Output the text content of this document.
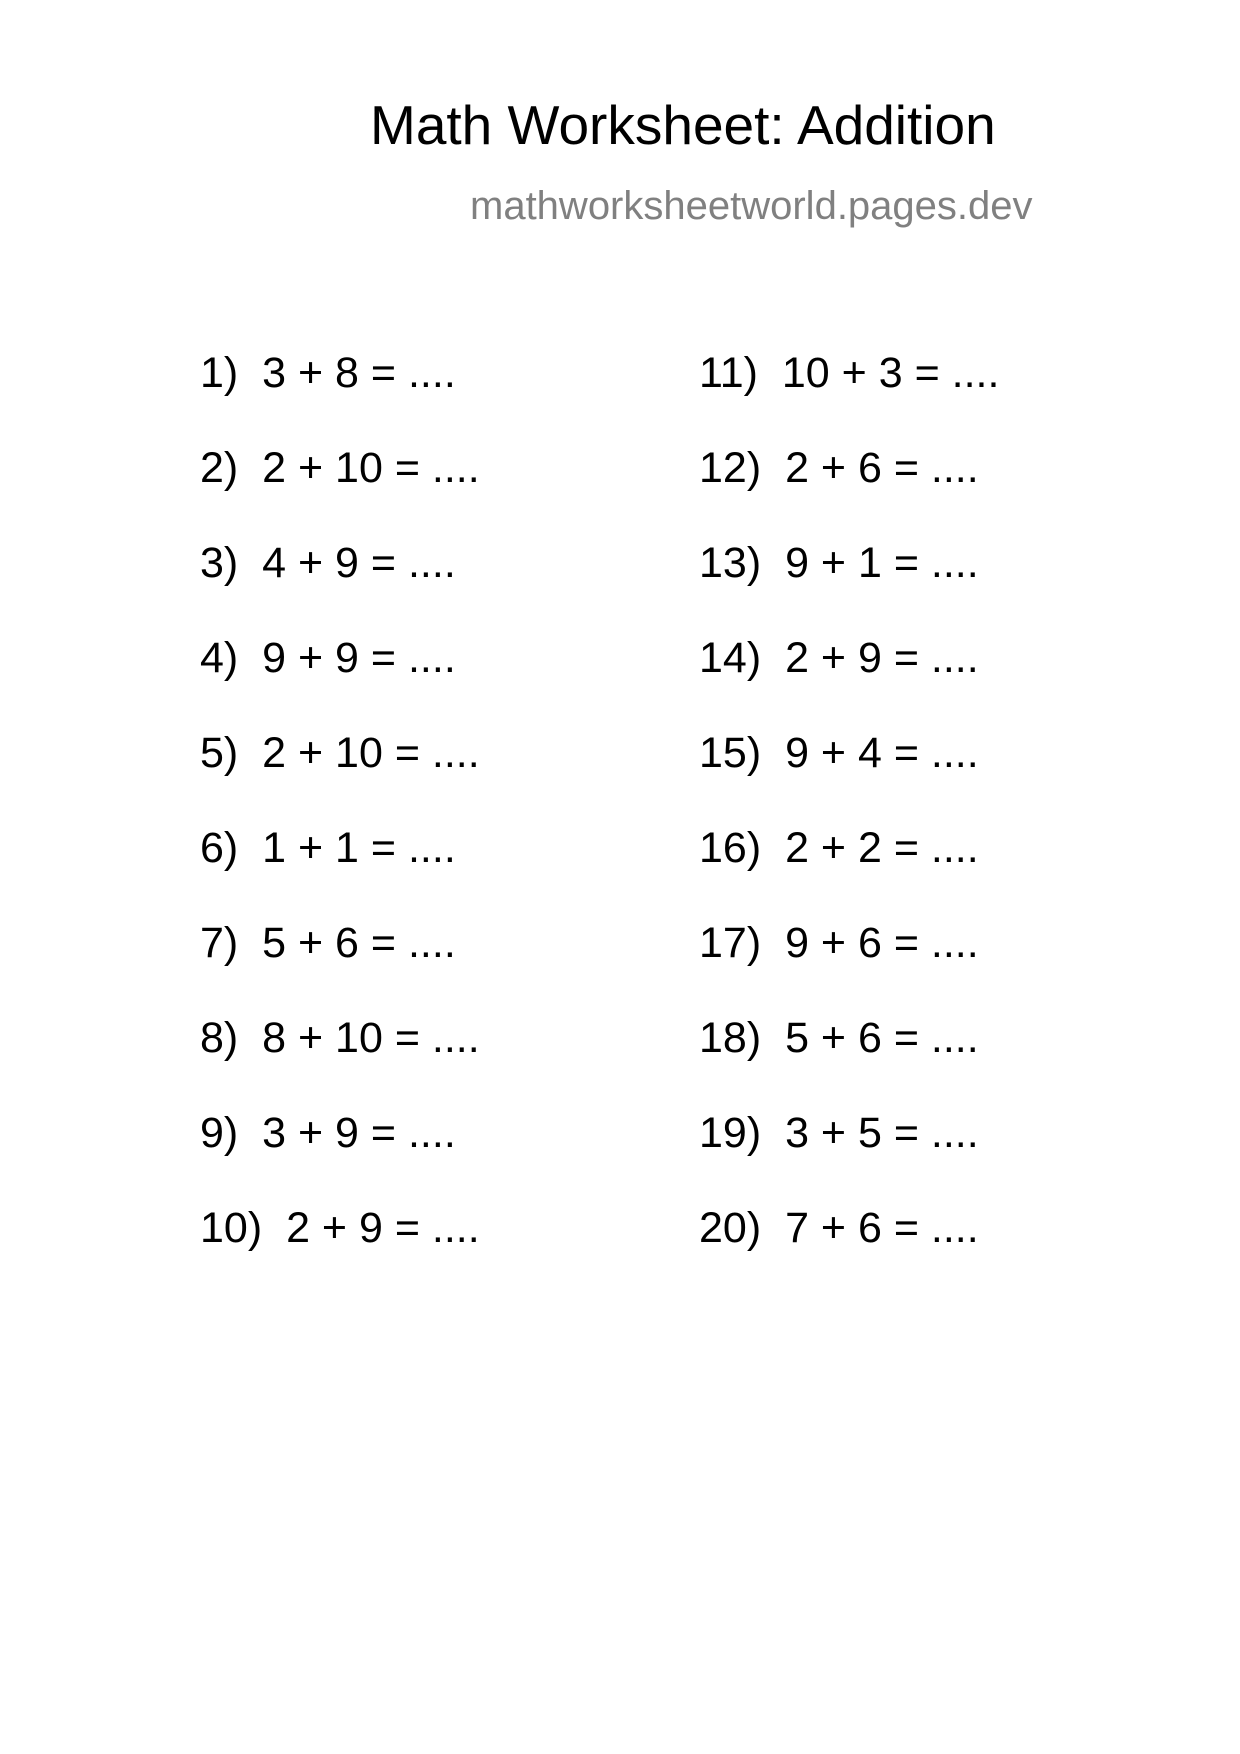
Math Worksheet: Addition
mathworksheetworld.pages.dev
1) 3 + 8 = ....
2) 2 + 10 = ....
3) 4 + 9 = ....
4) 9 + 9 = ....
5) 2 + 10 = ....
6) 1 + 1 = ....
7) 5 + 6 = ....
8) 8 + 10 = ....
9) 3 + 9 = ....
10) 2 + 9 = ....
11) 10 + 3 = ....
12) 2 + 6 = ....
13) 9 + 1 = ....
14) 2 + 9 = ....
15) 9 + 4 = ....
16) 2 + 2 = ....
17) 9 + 6 = ....
18) 5 + 6 = ....
19) 3 + 5 = ....
20) 7 + 6 = ....
